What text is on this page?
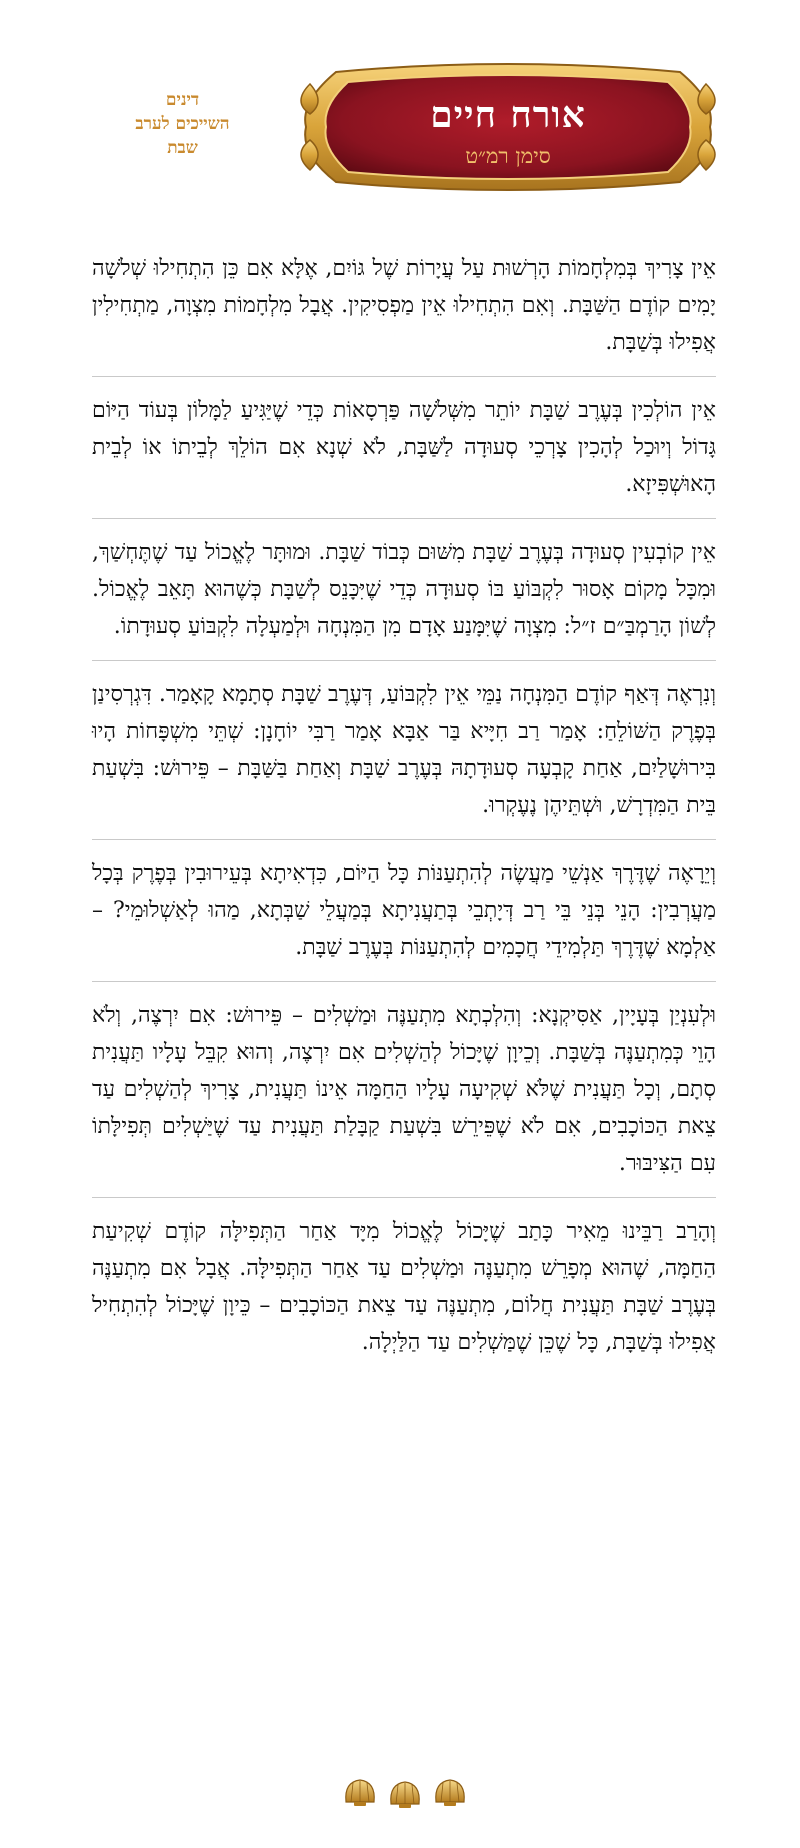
דינים
השייכים לערב
שבת
אורח חיים
סימן רמ״ט

אֵין צָרִיךְ בְּמִלְחָמוֹת הָרְשׁוּת עַל עֲיָרוֹת שֶׁל גּוֹיִם, אֶלָּא אִם כֵּן הִתְחִילוּ שְׁלֹשָׁה יָמִים קוֹדֶם הַשַּׁבָּת. וְאִם הִתְחִילוּ אֵין מַפְסִיקִין. אֲבָל מִלְחָמוֹת מִצְוָה, מַתְחִילִין אֲפִילוּ בְּשַׁבָּת.

אֵין הוֹלְכִין בְּעֶרֶב שַׁבָּת יוֹתֵר מִשְּׁלֹשָׁה פַּרְסָאוֹת כְּדֵי שֶׁיַּגִּיעַ לַמָּלוֹן בְּעוֹד הַיּוֹם גָּדוֹל וְיוּכַל לְהָכִין צָרְכֵי סְעוּדָה לַשַּׁבָּת, לֹא שְׁנָא אִם הוֹלֵךְ לְבֵיתוֹ אוֹ לְבֵית הָאוּשְׁפִּיזָא.

אֵין קוֹבְעִין סְעוּדָה בְּעֶרֶב שַׁבָּת מִשּׁוּם כְּבוֹד שַׁבָּת. וּמוּתָּר לֶאֱכוֹל עַד שֶׁתֶּחְשַׁךְ, וּמִכָּל מָקוֹם אָסוּר לִקְבּוֹעַ בּוֹ סְעוּדָה כְּדֵי שֶׁיִּכָּנֵס לְשַׁבָּת כְּשֶׁהוּא תָּאֵב לֶאֱכוֹל. לְשׁוֹן הָרַמְבַּ״ם ז״ל: מִצְוָה שֶׁיִּמָּנַע אָדָם מִן הַמִּנְחָה וּלְמַעְלָה לִקְבּוֹעַ סְעוּדָתוֹ.

וְנִרְאֶה דְּאַף קוֹדֶם הַמִּנְחָה נַמֵּי אֵין לִקְבּוֹעַ, דְּעֶרֶב שַׁבָּת סְתָמָא קָאָמַר. דִּגְרְסִינַן בְּפֶרֶק הַשּׁוֹלֵחַ: אָמַר רַב חִיָּיא בַּר אַבָּא אָמַר רַבִּי יוֹחָנָן: שְׁתֵּי מִשְׁפָּחוֹת הָיוּ בִּירוּשָׁלַיִם, אַחַת קָבְעָה סְעוּדָתָהּ בְּעֶרֶב שַׁבָּת וְאַחַת בַּשַּׁבָּת – פֵּירוּשׁ: בִּשְׁעַת בֵּית הַמִּדְרָשׁ, וּשְׁתֵּיהֶן נֶעֶקְרוּ.

וְיֵרָאֶה שֶׁדֶּרֶךְ אַנְשֵׁי מַעֲשֶׂה לְהִתְעַנּוֹת כָּל הַיּוֹם, כִּדְאִיתָא בְּעֵירוּבִין בְּפֶרֶק בְּכָל מַעֲרְבִין: הָנֵי בְּנֵי בֵּי רַב דְּיָתְבֵי בְּתַעֲנִיתָא בְּמַעֲלֵי שַׁבְּתָא, מַהוּ לְאַשְׁלוּמֵי? – אַלְמָא שֶׁדֶּרֶךְ תַּלְמִידֵי חֲכָמִים לְהִתְעַנּוֹת בְּעֶרֶב שַׁבָּת.

וּלְעִנְיַן בְּעָיָין, אַסִּיקְנָא: וְהִלְכְתָא מִתְעַנֶּה וּמַשְׁלִים – פֵּירוּשׁ: אִם יִרְצֶה, וְלֹא הָוֵי כְּמִתְעַנֶּה בְּשַׁבָּת. וְכֵיוָן שֶׁיָּכוֹל לְהַשְׁלִים אִם יִרְצֶה, וְהוּא קִבֵּל עָלָיו תַּעֲנִית סְתָם, וְכָל תַּעֲנִית שֶׁלֹּא שְׁקִיעָה עָלָיו הַחַמָּה אֵינוֹ תַּעֲנִית, צָרִיךְ לְהַשְׁלִים עַד צֵאת הַכּוֹכָבִים, אִם לֹא שֶׁפֵּירֵשׁ בִּשְׁעַת קַבָּלַת תַּעֲנִית עַד שֶׁיַּשְׁלִים תְּפִילָּתוֹ עִם הַצִּיבּוּר.

וְהָרַב רַבֵּינוּ מֵאִיר כָּתַב שֶׁיָּכוֹל לֶאֱכוֹל מִיָּד אַחַר הַתְּפִילָּה קוֹדֶם שְׁקִיעַת הַחַמָּה, שֶׁהוּא מְפָרֵשׁ מִתְעַנֶּה וּמַשְׁלִים עַד אַחַר הַתְּפִילָּה. אֲבָל אִם מִתְעַנֶּה בְּעֶרֶב שַׁבָּת תַּעֲנִית חֲלוֹם, מִתְעַנֶּה עַד צֵאת הַכּוֹכָבִים – כֵּיוָן שֶׁיָּכוֹל לְהִתְחִיל אֲפִילוּ בְּשַׁבָּת, כָּל שֶׁכֵּן שֶׁמַּשְׁלִים עַד הַלַּיְלָה.
